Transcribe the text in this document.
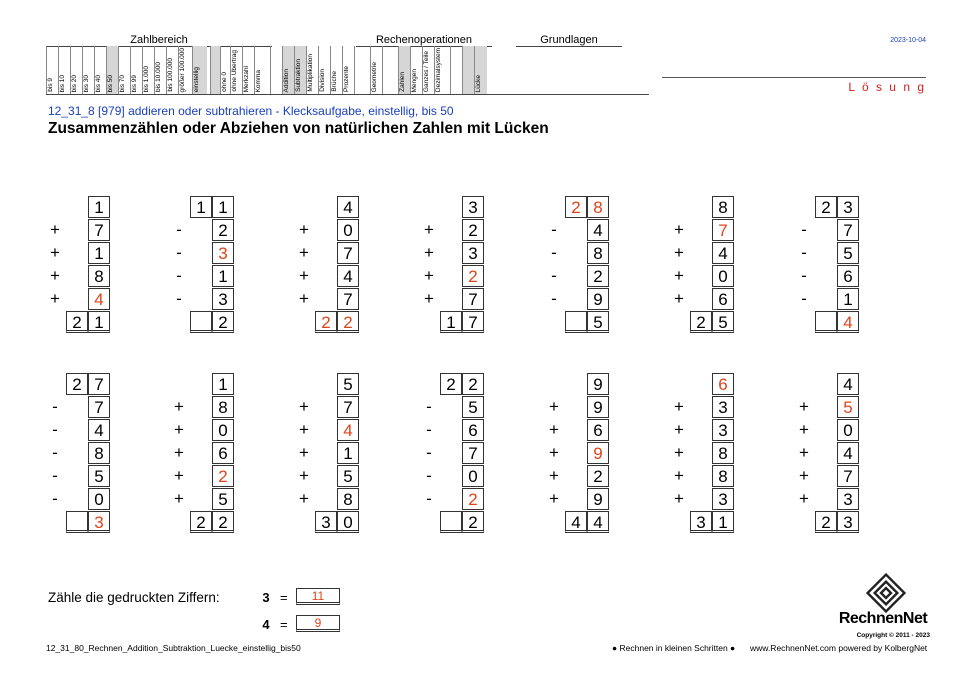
Zahlbereich	Rechenoperationen	Grundlagen
bis 9 bis 10 bis 20 bis 30 bis 40 bis 50 bis 70 bis 99 bis 1.000 bis 10.000 bis 100.000 größer 100.000	einstellig	ohne 0 ohne Übertrag Merkzahl Komma	Addition Subtraktion Multiplikation Division Brüche Prozente	Geometrie	Zahlen Mengen Ganzes / Teile Dezimalsystem	Lücke
2023-10-04
L ö s u n g
12_31_8 [979] addieren oder subtrahieren - Klecksaufgabe, einstellig, bis 50
Zusammenzählen oder Abziehen von natürlichen Zahlen mit Lücken
1
+	7
+	1
+	8
+	4
2 1
1 1
-	2
-	3
-	1
-	3
2
4
+	0
+	7
+	4
+	7
2 2
3
+	2
+	3
+	2
+	7
1 7
2 8
-	4
-	8
-	2
-	9
5
8
+	7
+	4
+	0
+	6
2 5
2 3
-	7
-	5
-	6
-	1
4
2 7
-	7
-	4
-	8
-	5
-	0
3
1
+	8
+	0
+	6
+	2
+	5
2 2
5
+	7
+	4
+	1
+	5
+	8
3 0
2 2
-	5
-	6
-	7
-	0
-	2
2
9
+	9
+	6
+	9
+	2
+	9
4 4
6
+	3
+	3
+	8
+	8
+	3
3 1
4
+	5
+	0
+	4
+	7
+	3
2 3
Zähle die gedruckten Ziffern:	3 =	11
4 =	9	RechnenNet
Copyright © 2011 - 2023
12_31_80_Rechnen_Addition_Subtraktion_Luecke_einstellig_bis50	● Rechnen in kleinen Schritten ● www.RechnenNet.com powered by KolbergNet
